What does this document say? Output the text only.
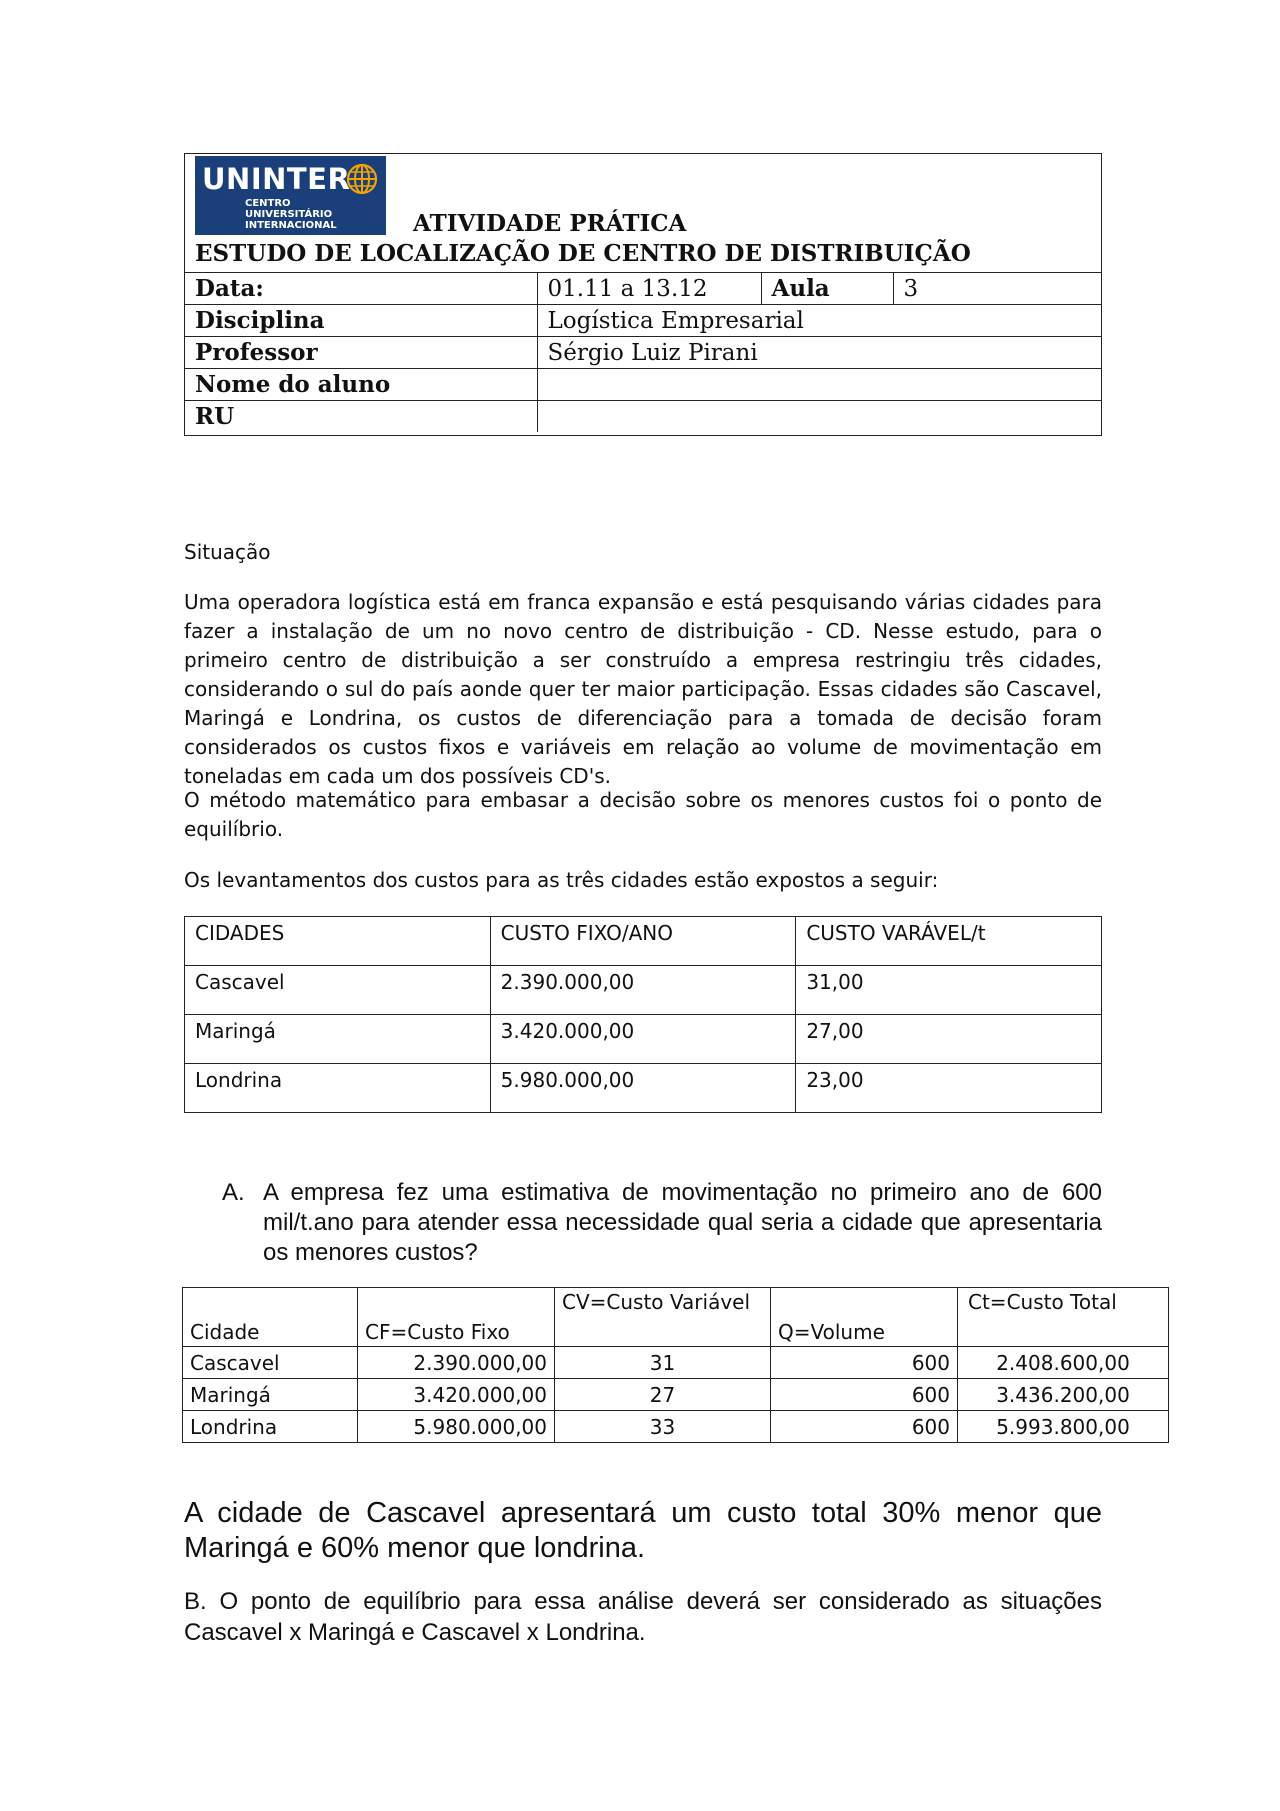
UNINTER
CENTRO
UNIVERSITÁRIO
INTERNACIONAL	ATIVIDADE PRÁTICA
ESTUDO DE LOCALIZAÇÃO DE CENTRO DE DISTRIBUIÇÃO
Data:	01.11 a 13.12	Aula	3
Disciplina	Logística Empresarial		
Professor	Sérgio Luiz Pirani		
Nome do aluno			
RU			

Situação

Uma operadora logística está em franca expansão e está pesquisando várias cidades para fazer a instalação de um no novo centro de distribuição - CD. Nesse estudo, para o primeiro centro de distribuição a ser construído a empresa restringiu três cidades, considerando o sul do país aonde quer ter maior participação. Essas cidades são Cascavel, Maringá e Londrina, os custos de diferenciação para a tomada de decisão foram considerados os custos fixos e variáveis em relação ao volume de movimentação em toneladas em cada um dos possíveis CD's.

O método matemático para embasar a decisão sobre os menores custos foi o ponto de equilíbrio.

Os levantamentos dos custos para as três cidades estão expostos a seguir:

CIDADES	CUSTO FIXO/ANO	CUSTO VARÁVEL/t
Cascavel	2.390.000,00	31,00
Maringá	3.420.000,00	27,00
Londrina	5.980.000,00	23,00
A. A empresa fez uma estimativa de movimentação no primeiro ano de 600 mil/t.ano para atender essa necessidade qual seria a cidade que apresentaria os menores custos?
Cidade	CF=Custo Fixo	CV=Custo Variável	Q=Volume	Ct=Custo Total
Cascavel	2.390.000,00	31	600	2.408.600,00
Maringá	3.420.000,00	27	600	3.436.200,00
Londrina	5.980.000,00	33	600	5.993.800,00

A cidade de Cascavel apresentará um custo total 30% menor que Maringá e 60% menor que londrina.

B. O ponto de equilíbrio para essa análise deverá ser considerado as situações Cascavel x Maringá e Cascavel x Londrina.
